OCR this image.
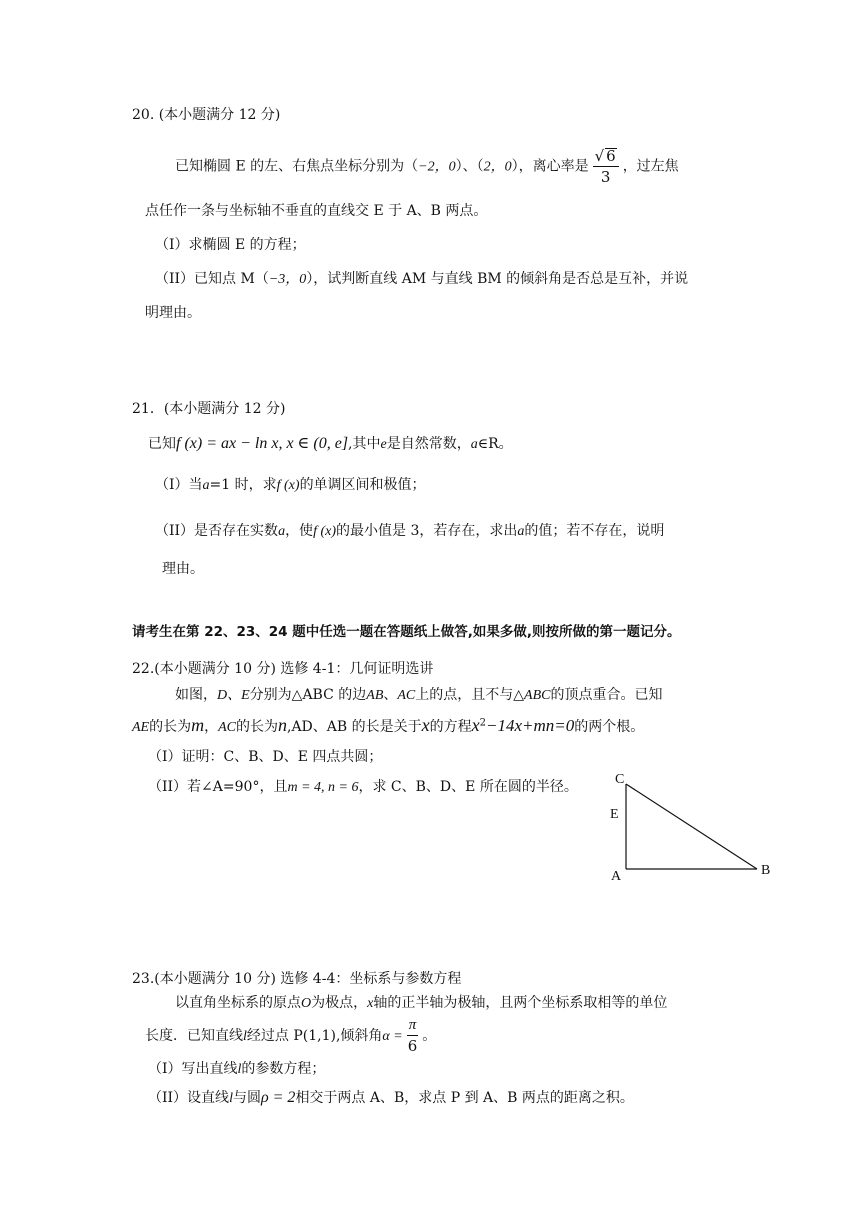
20. (本小题满分 12 分)
已知椭圆 E 的左、右焦点坐标分别为（−2，0）、（2，0），离心率是 $\frac{√ 6}{3}$ ，过左焦
点任作一条与坐标轴不垂直的直线交 E 于 A、B 两点。
（I）求椭圆 E 的方程；
（II）已知点 M（−3，0），试判断直线 AM 与直线 BM 的倾斜角是否总是互补，并说
明理由。
21．(本小题满分 12 分)
已知f (x) = ax − ln x, x ∈ (0, e],其中e是自然常数，a∈R。
（I）当a=1 时，求f (x)的单调区间和极值；
（II）是否存在实数a，使f (x)的最小值是 3，若存在，求出a的值；若不存在，说明
理由。
请考生在第 22、23、24 题中任选一题在答题纸上做答,如果多做,则按所做的第一题记分。
22.(本小题满分 10 分) 选修 4-1：几何证明选讲
如图，D、E分别为△ABC 的边AB、AC上的点，且不与△ABC的顶点重合。已知
AE的长为m，AC的长为n,AD、AB 的长是关于x的方程$x^2-14x+mn=0$的两个根。
（I）证明：C、B、D、E 四点共圆；
（II）若∠A=90°，且m = 4, n = 6，求 C、B、D、E 所在圆的半径。	C
E
A	B
23.(本小题满分 10 分) 选修 4-4：坐标系与参数方程
以直角坐标系的原点O为极点，x轴的正半轴为极轴，且两个坐标系取相等的单位
长度．已知直线l经过点 P(1,1),倾斜角$\alpha = \frac{\pi}{6}$ 。
（I）写出直线l的参数方程；
（II）设直线l与圆ρ = 2相交于两点 A、B，求点 P 到 A、B 两点的距离之积。
